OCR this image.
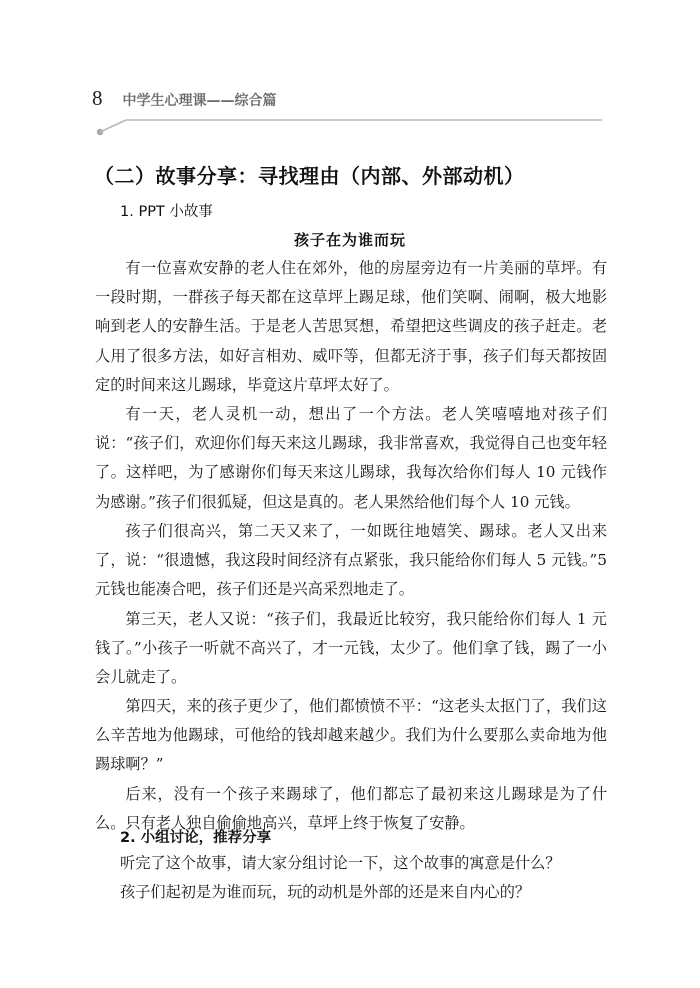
8 中学生心理课——综合篇
（二）故事分享：寻找理由（内部、外部动机）
1. PPT 小故事
孩子在为谁而玩
有一位喜欢安静的老人住在郊外，他的房屋旁边有一片美丽的草坪。有一段时期，一群孩子每天都在这草坪上踢足球，他们笑啊、闹啊，极大地影响到老人的安静生活。于是老人苦思冥想，希望把这些调皮的孩子赶走。老人用了很多方法，如好言相劝、威吓等，但都无济于事，孩子们每天都按固定的时间来这儿踢球，毕竟这片草坪太好了。
有一天，老人灵机一动，想出了一个方法。老人笑嘻嘻地对孩子们说：“孩子们，欢迎你们每天来这儿踢球，我非常喜欢，我觉得自己也变年轻了。这样吧，为了感谢你们每天来这儿踢球，我每次给你们每人 10 元钱作为感谢。”孩子们很狐疑，但这是真的。老人果然给他们每个人 10 元钱。
孩子们很高兴，第二天又来了，一如既往地嬉笑、踢球。老人又出来了，说：“很遗憾，我这段时间经济有点紧张，我只能给你们每人 5 元钱。”5 元钱也能凑合吧，孩子们还是兴高采烈地走了。
第三天，老人又说：“孩子们，我最近比较穷，我只能给你们每人 1 元钱了。”小孩子一听就不高兴了，才一元钱，太少了。他们拿了钱，踢了一小会儿就走了。
第四天，来的孩子更少了，他们都愤愤不平：“这老头太抠门了，我们这么辛苦地为他踢球，可他给的钱却越来越少。我们为什么要那么卖命地为他踢球啊？”
后来，没有一个孩子来踢球了，他们都忘了最初来这儿踢球是为了什么。只有老人独自偷偷地高兴，草坪上终于恢复了安静。
2. 小组讨论，推荐分享
听完了这个故事，请大家分组讨论一下，这个故事的寓意是什么？
孩子们起初是为谁而玩，玩的动机是外部的还是来自内心的？
